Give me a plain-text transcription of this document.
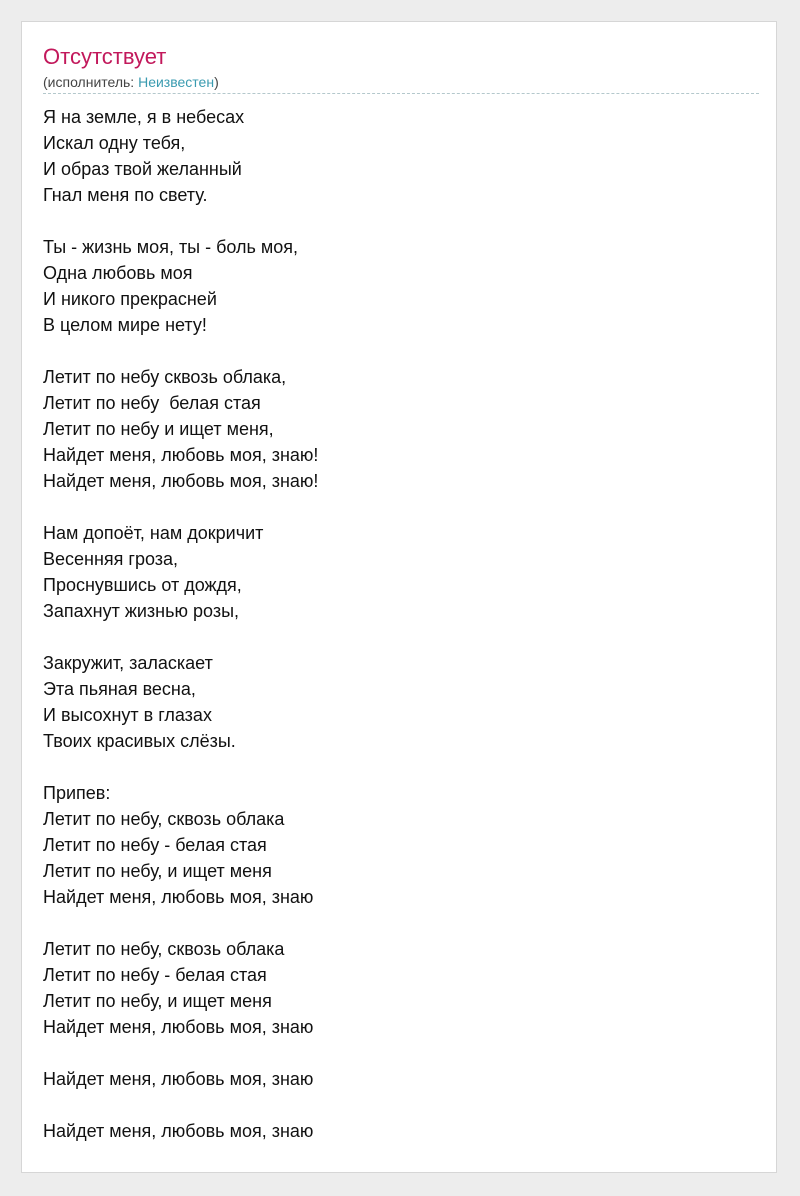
Отсутствует
(исполнитель: Неизвестен)
Я на земле, я в небесах
Искал одну тебя,
И образ твой желанный
Гнал меня по свету.
Ты - жизнь моя, ты - боль моя,
Одна любовь моя
И никого прекрасней
В целом мире нету!
Летит по небу сквозь облака,
Летит по небу  белая стая
Летит по небу и ищет меня,
Найдет меня, любовь моя, знаю!
Найдет меня, любовь моя, знаю!
Нам допоёт, нам докричит
Весенняя гроза,
Проснувшись от дождя,
Запахнут жизнью розы,
Закружит, заласкает
Эта пьяная весна,
И высохнут в глазах
Твоих красивых слёзы.
Припев:
Летит по небу, сквозь облака
Летит по небу - белая стая
Летит по небу, и ищет меня
Найдет меня, любовь моя, знаю
Летит по небу, сквозь облака
Летит по небу - белая стая
Летит по небу, и ищет меня
Найдет меня, любовь моя, знаю
Найдет меня, любовь моя, знаю
Найдет меня, любовь моя, знаю
